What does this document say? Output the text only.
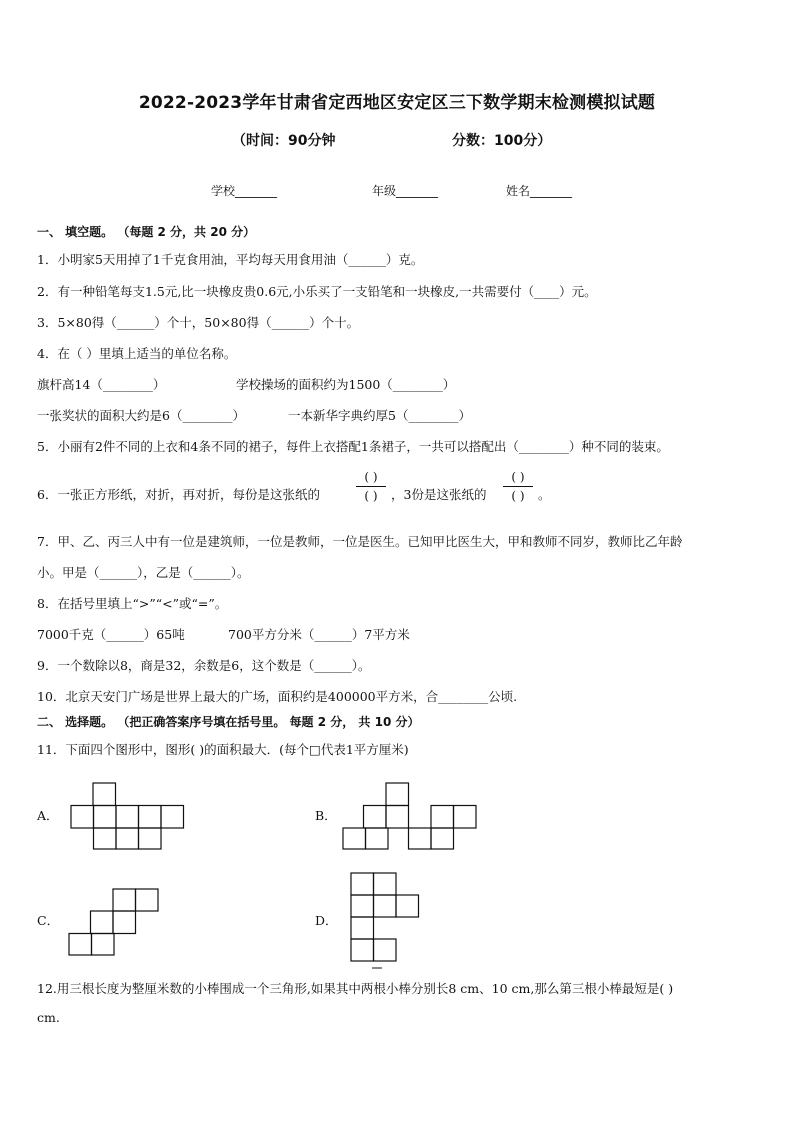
2022-2023学年甘肃省定西地区安定区三下数学期末检测模拟试题
（时间：90分钟	分数：100分）
学校_______	年级_______	姓名_______
一、 填空题。 （每题 2 分，共 20 分）
1．小明家5天用掉了1千克食用油，平均每天用食用油（______）克。
2．有一种铅笔每支1.5元,比一块橡皮贵0.6元,小乐买了一支铅笔和一块橡皮,一共需要付（____）元。
3．5×80得（______）个十，50×80得（______）个十。
4．在（ ）里填上适当的单位名称。
旗杆高14（________）	学校操场的面积约为1500（________）
一张奖状的面积大约是6（________）	一本新华字典约厚5（________）
5．小丽有2件不同的上衣和4条不同的裙子，每件上衣搭配1条裙子，一共可以搭配出（________）种不同的装束。
6．一张正方形纸，对折，再对折，每份是这张纸的
( )
( )	，3份是这张纸的
( )
( )	。
7．甲、乙、丙三人中有一位是建筑师，一位是教师，一位是医生。已知甲比医生大，甲和教师不同岁，教师比乙年龄
小。甲是（______），乙是（______）。
8．在括号里填上“>”“<”或“=”。
7000千克（______）65吨	700平方分米（______）7平方米
9．一个数除以8，商是32，余数是6，这个数是（______）。
10．北京天安门广场是世界上最大的广场，面积约是400000平方米，合________公顷.
二、 选择题。 （把正确答案序号填在括号里。 每题 2 分， 共 10 分）
11．下面四个图形中，图形( )的面积最大．(每个□代表1平方厘米)
A．	B．
C．	D．
12.用三根长度为整厘米数的小棒围成一个三角形,如果其中两根小棒分别长8 cm、10 cm,那么第三根小棒最短是( )
cm.
